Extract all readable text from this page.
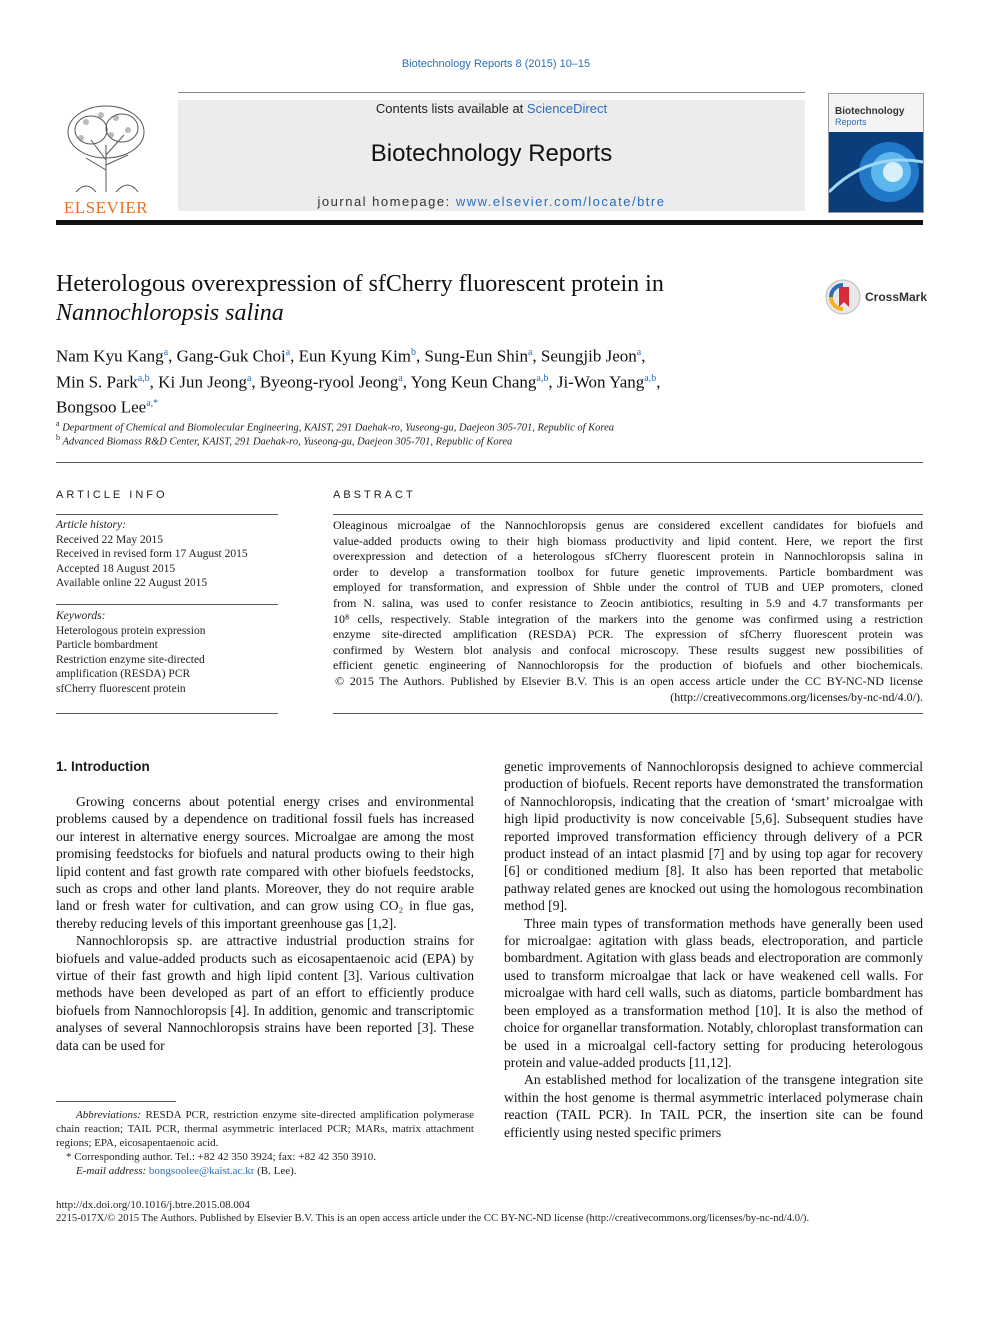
Biotechnology Reports 8 (2015) 10–15
ELSEVIER
Contents lists available at ScienceDirect
Biotechnology Reports
journal homepage: www.elsevier.com/locate/btre
Biotechnology
Reports
Heterologous overexpression of sfCherry fluorescent protein in
Nannochloropsis salina
CrossMark
Nam Kyu Kang$^a$, Gang-Guk Choi$^a$, Eun Kyung Kim$^b$, Sung-Eun Shin$^a$, Seungjib Jeon$^a$,
Min S. Park$^{a,b}$, Ki Jun Jeong$^a$, Byeong-ryool Jeong$^a$, Yong Keun Chang$^{a,b}$, Ji-Won Yang$^{a,b}$,
Bongsoo Lee$^{a,*}$
$^a$ Department of Chemical and Biomolecular Engineering, KAIST, 291 Daehak-ro, Yuseong-gu, Daejeon 305-701, Republic of Korea
$^b$ Advanced Biomass R&D Center, KAIST, 291 Daehak-ro, Yuseong-gu, Daejeon 305-701, Republic of Korea
ARTICLE INFO
Article history:
Received 22 May 2015
Received in revised form 17 August 2015
Accepted 18 August 2015
Available online 22 August 2015
Keywords:
Heterologous protein expression
Particle bombardment
Restriction enzyme site-directed
amplification (RESDA) PCR
sfCherry fluorescent protein
ABSTRACT
Oleaginous microalgae of the Nannochloropsis genus are considered excellent candidates for biofuels and
value-added products owing to their high biomass productivity and lipid content. Here, we report the first
overexpression and detection of a heterologous sfCherry fluorescent protein in Nannochloropsis salina in
order to develop a transformation toolbox for future genetic improvements. Particle bombardment was
employed for transformation, and expression of Shble under the control of TUB and UEP promoters, cloned
from N. salina, was used to confer resistance to Zeocin antibiotics, resulting in 5.9 and 4.7 transformants per
10⁸ cells, respectively. Stable integration of the markers into the genome was confirmed using a restriction
enzyme site-directed amplification (RESDA) PCR. The expression of sfCherry fluorescent protein was
confirmed by Western blot analysis and confocal microscopy. These results suggest new possibilities of
efficient genetic engineering of Nannochloropsis for the production of biofuels and other biochemicals.
© 2015 The Authors. Published by Elsevier B.V. This is an open access article under the CC BY-NC-ND license
(http://creativecommons.org/licenses/by-nc-nd/4.0/).
1. Introduction

Growing concerns about potential energy crises and environmental problems caused by a dependence on traditional fossil fuels has increased our interest in alternative energy sources. Microalgae are among the most promising feedstocks for biofuels and natural products owing to their high lipid content and fast growth rate compared with other biofuels feedstocks, such as crops and other land plants. Moreover, they do not require arable land or fresh water for cultivation, and can grow using CO₂ in flue gas, thereby reducing levels of this important greenhouse gas [1,2].

Nannochloropsis sp. are attractive industrial production strains for biofuels and value-added products such as eicosapentaenoic acid (EPA) by virtue of their fast growth and high lipid content [3]. Various cultivation methods have been developed as part of an effort to efficiently produce biofuels from Nannochloropsis [4]. In addition, genomic and transcriptomic analyses of several Nannochloropsis strains have been reported [3]. These data can be used for

genetic improvements of Nannochloropsis designed to achieve commercial production of biofuels. Recent reports have demonstrated the transformation of Nannochloropsis, indicating that the creation of ‘smart’ microalgae with high lipid productivity is now conceivable [5,6]. Subsequent studies have reported improved transformation efficiency through delivery of a PCR product instead of an intact plasmid [7] and by using top agar for recovery [6] or conditioned medium [8]. It also has been reported that metabolic pathway related genes are knocked out using the homologous recombination method [9].

Three main types of transformation methods have generally been used for microalgae: agitation with glass beads, electroporation, and particle bombardment. Agitation with glass beads and electroporation are commonly used to transform microalgae that lack or have weakened cell walls. For microalgae with hard cell walls, such as diatoms, particle bombardment has been employed as a transformation method [10]. It is also the method of choice for organellar transformation. Notably, chloroplast transformation can be used in a microalgal cell-factory setting for producing heterologous protein and value-added products [11,12].

An established method for localization of the transgene integration site within the host genome is thermal asymmetric interlaced polymerase chain reaction (TAIL PCR). In TAIL PCR, the insertion site can be found efficiently using nested specific primers

Abbreviations: RESDA PCR, restriction enzyme site-directed amplification polymerase chain reaction; TAIL PCR, thermal asymmetric interlaced PCR; MARs, matrix attachment regions; EPA, eicosapentaenoic acid.
* Corresponding author. Tel.: +82 42 350 3924; fax: +82 42 350 3910.
E-mail address: bongsoolee@kaist.ac.kr (B. Lee).
http://dx.doi.org/10.1016/j.btre.2015.08.004
2215-017X/© 2015 The Authors. Published by Elsevier B.V. This is an open access article under the CC BY-NC-ND license (http://creativecommons.org/licenses/by-nc-nd/4.0/).
